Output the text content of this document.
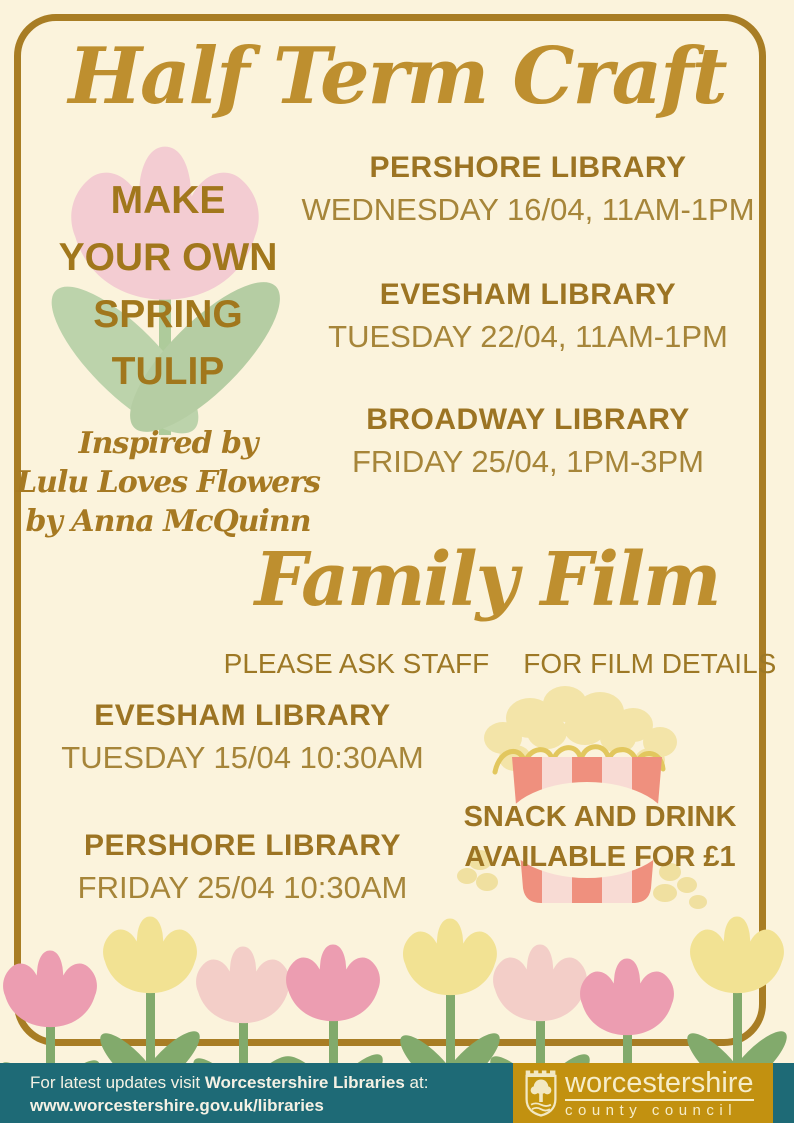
Half Term Craft
MAKE
YOUR OWN
SPRING
TULIP
Inspired by
Lulu Loves Flowers
by Anna McQuinn
PERSHORE LIBRARY
WEDNESDAY 16/04, 11AM-1PM
EVESHAM LIBRARY
TUESDAY 22/04, 11AM-1PM
BROADWAY LIBRARY
FRIDAY 25/04, 1PM-3PM
Family Film
PLEASE ASK STAFF FOR FILM DETAILS
EVESHAM LIBRARY
TUESDAY 15/04 10:30AM
PERSHORE LIBRARY
FRIDAY 25/04 10:30AM
SNACK AND DRINK
AVAILABLE FOR £1
For latest updates visit Worcestershire Libraries at:
www.worcestershire.gov.uk/libraries
worcestershire
county council
